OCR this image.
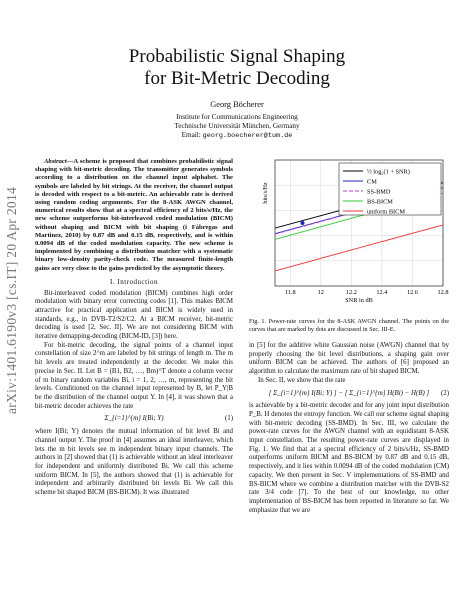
arXiv:1401.6190v3 [cs.IT] 20 Apr 2014
Probabilistic Signal Shaping
for Bit-Metric Decoding
Georg Böcherer
Institute for Communications Engineering
Technische Universität München, Germany
Email: georg.boecherer@tum.de

Abstract—A scheme is proposed that combines probabilistic signal shaping with bit-metric decoding. The transmitter generates symbols according to a distribution on the channel input alphabet. The symbols are labeled by bit strings. At the receiver, the channel output is decoded with respect to a bit-metric. An achievable rate is derived using random coding arguments. For the 8-ASK AWGN channel, numerical results show that at a spectral efficiency of 2 bits/s/Hz, the new scheme outperforms bit-interleaved coded modulation (BICM) without shaping and BICM with bit shaping (i Fàbregas and Martinez, 2010) by 0.87 dB and 0.15 dB, respectively, and is within 0.0094 dB of the coded modulation capacity. The new scheme is implemented by combining a distribution matcher with a systematic binary low-density parity-check code. The measured finite-length gains are very close to the gains predicted by the asymptotic theory.

I. Introduction

Bit-interleaved coded modulation (BICM) combines high order modulation with binary error correcting codes [1]. This makes BICM attractive for practical application and BICM is widely used in standards, e.g., in DVB-T2/S2/C2. At a BICM receiver, bit-metric decoding is used [2, Sec. II]. We are not considering BICM with iterative demapping-decoding (BICM-ID, [3]) here.

For bit-metric decoding, the signal points of a channel input constellation of size 2^m are labeled by bit strings of length m. The m bit levels are treated independently at the decoder. We make this precise in Sec. II. Let B = (B1, B2, …, Bm)^T denote a column vector of m binary random variables Bi, i = 1, 2, …, m, representing the bit levels. Conditioned on the channel input represented by B, let P_Y|B be the distribution of the channel output Y. In [4], it was shown that a bit-metric decoder achieves the rate

Σ_{i=1}^{m} I(Bi; Y)	(1)

where I(Bi; Y) denotes the mutual information of bit level Bi and channel output Y. The proof in [4] assumes an ideal interleaver, which lets the m bit levels see m independent binary input channels. The authors in [2] showed that (1) is achievable without an ideal interleaver for independent and uniformly distributed Bi. We call this scheme uniform BICM. In [5], the authors showed that (1) is achievable for independent and arbitrarily distributed bit levels Bi. We call this scheme bit shaped BICM (BS-BICM). It was illustrated

11.8	12	12.2	12.4	12.6	12.8
½ log₂(1 + SNR)
CM
SS-BMD
BS-BICM
uniform BICM
SNR in dB
bits/s/Hz
Fig. 1. Power-rate curves for the 8-ASK AWGN channel. The points on the curves that are marked by dots are discussed in Sec. III-E.

in [5] for the additive white Gaussian noise (AWGN) channel that by properly choosing the bit level distributions, a shaping gain over uniform BICM can be achieved. The authors of [6] proposed an algorithm to calculate the maximum rate of bit shaped BICM.

In Sec. II, we show that the rate

[ Σ_{i=1}^{m} I(Bi; Y) ] − [ Σ_{i=1}^{m} H(Bi) − H(B) ] (2)

is achievable by a bit-metric decoder and for any joint input distribution P_B. H denotes the entropy function. We call our scheme signal shaping with bit-metric decoding (SS-BMD). In Sec. III, we calculate the power-rate curves for the AWGN channel with an equidistant 8-ASK input constellation. The resulting power-rate curves are displayed in Fig. 1. We find that at a spectral efficiency of 2 bits/s/Hz, SS-BMD outperforms uniform BICM and BS-BICM by 0.87 dB and 0.15 dB, respectively, and it lies within 0.0094 dB of the coded modulation (CM) capacity. We then present in Sec. V implementations of SS-BMD and BS-BICM where we combine a distribution matcher with the DVB-S2 rate 3/4 code [7]. To the best of our knowledge, no other implementation of BS-BICM has been reported in literature so far. We emphasize that we are
